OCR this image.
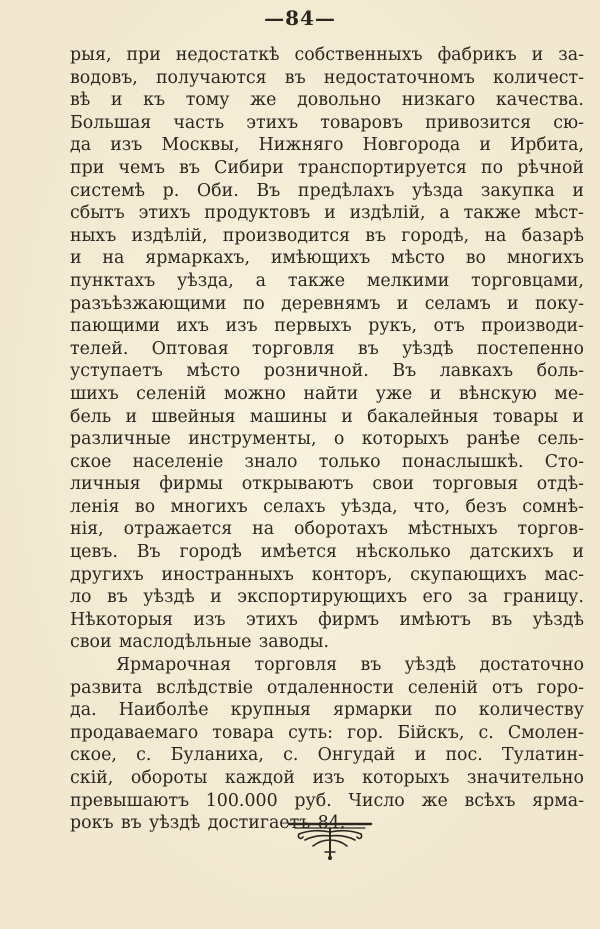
—84—
рыя, при недостаткѣ собственныхъ фабрикъ и за-
водовъ, получаются въ недостаточномъ количест-
вѣ и къ тому же довольно низкаго качества.
Большая часть этихъ товаровъ привозится сю-
да изъ Москвы, Нижняго Новгорода и Ирбита,
при чемъ въ Сибири транспортируется по рѣчной
системѣ р. Оби. Въ предѣлахъ уѣзда закупка и
сбытъ этихъ продуктовъ и издѣлій, а также мѣст-
ныхъ издѣлій, производится въ городѣ, на базарѣ
и на ярмаркахъ, имѣющихъ мѣсто во многихъ
пунктахъ уѣзда, а также мелкими торговцами,
разъѣзжающими по деревнямъ и селамъ и поку-
пающими ихъ изъ первыхъ рукъ, отъ производи-
телей. Оптовая торговля въ уѣздѣ постепенно
уступаетъ мѣсто розничной. Въ лавкахъ боль-
шихъ селеній можно найти уже и вѣнскую ме-
бель и швейныя машины и бакалейныя товары и
различные инструменты, о которыхъ ранѣе сель-
ское населеніе знало только понаслышкѣ. Сто-
личныя фирмы открываютъ свои торговыя отдѣ-
ленія во многихъ селахъ уѣзда, что, безъ сомнѣ-
нія, отражается на оборотахъ мѣстныхъ торгов-
цевъ. Въ городѣ имѣется нѣсколько датскихъ и
другихъ иностранныхъ конторъ, скупающихъ мас-
ло въ уѣздѣ и экспортирующихъ его за границу.
Нѣкоторыя изъ этихъ фирмъ имѣютъ въ уѣздѣ
свои маслодѣльные заводы.
Ярмарочная торговля въ уѣздѣ достаточно
развита вслѣдствіе отдаленности селеній отъ горо-
да. Наиболѣе крупныя ярмарки по количеству
продаваемаго товара суть: гор. Бійскъ, с. Смолен-
ское, с. Буланиха, с. Онгудай и пос. Тулатин-
скій, обороты каждой изъ которыхъ значительно
превышаютъ 100.000 руб. Число же всѣхъ ярма-
рокъ въ уѣздѣ достигаетъ 84.
